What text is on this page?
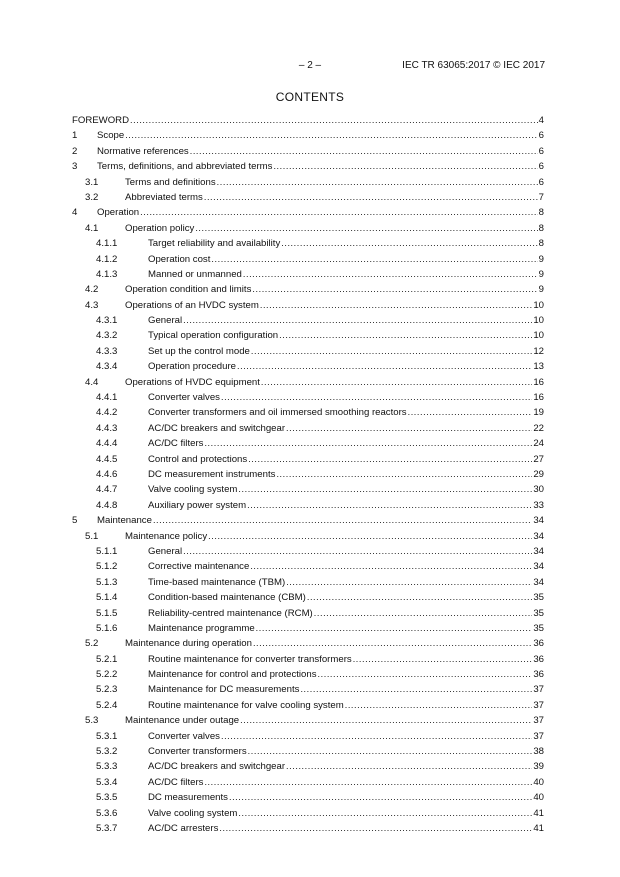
– 2 –	IEC TR 63065:2017 © IEC 2017
CONTENTS
FOREWORD .....	4
1	Scope .....	6
2	Normative references .....	6
3	Terms, definitions, and abbreviated terms .....	6
3.1	Terms and definitions .....	6
3.2	Abbreviated terms .....	7
4	Operation .....	8
4.1	Operation policy .....	8
4.1.1	Target reliability and availability .....	8
4.1.2	Operation cost .....	9
4.1.3	Manned or unmanned .....	9
4.2	Operation condition and limits .....	9
4.3	Operations of an HVDC system .....	10
4.3.1	General .....	10
4.3.2	Typical operation configuration .....	10
4.3.3	Set up the control mode .....	12
4.3.4	Operation procedure .....	13
4.4	Operations of HVDC equipment .....	16
4.4.1	Converter valves .....	16
4.4.2	Converter transformers and oil immersed smoothing reactors .....	19
4.4.3	AC/DC breakers and switchgear .....	22
4.4.4	AC/DC filters .....	24
4.4.5	Control and protections .....	27
4.4.6	DC measurement instruments .....	29
4.4.7	Valve cooling system .....	30
4.4.8	Auxiliary power system .....	33
5	Maintenance .....	34
5.1	Maintenance policy .....	34
5.1.1	General .....	34
5.1.2	Corrective maintenance .....	34
5.1.3	Time-based maintenance (TBM) .....	34
5.1.4	Condition-based maintenance (CBM) .....	35
5.1.5	Reliability-centred maintenance (RCM) .....	35
5.1.6	Maintenance programme .....	35
5.2	Maintenance during operation .....	36
5.2.1	Routine maintenance for converter transformers .....	36
5.2.2	Maintenance for control and protections .....	36
5.2.3	Maintenance for DC measurements .....	37
5.2.4	Routine maintenance for valve cooling system .....	37
5.3	Maintenance under outage .....	37
5.3.1	Converter valves .....	37
5.3.2	Converter transformers .....	38
5.3.3	AC/DC breakers and switchgear .....	39
5.3.4	AC/DC filters .....	40
5.3.5	DC measurements .....	40
5.3.6	Valve cooling system .....	41
5.3.7	AC/DC arresters .....	41
